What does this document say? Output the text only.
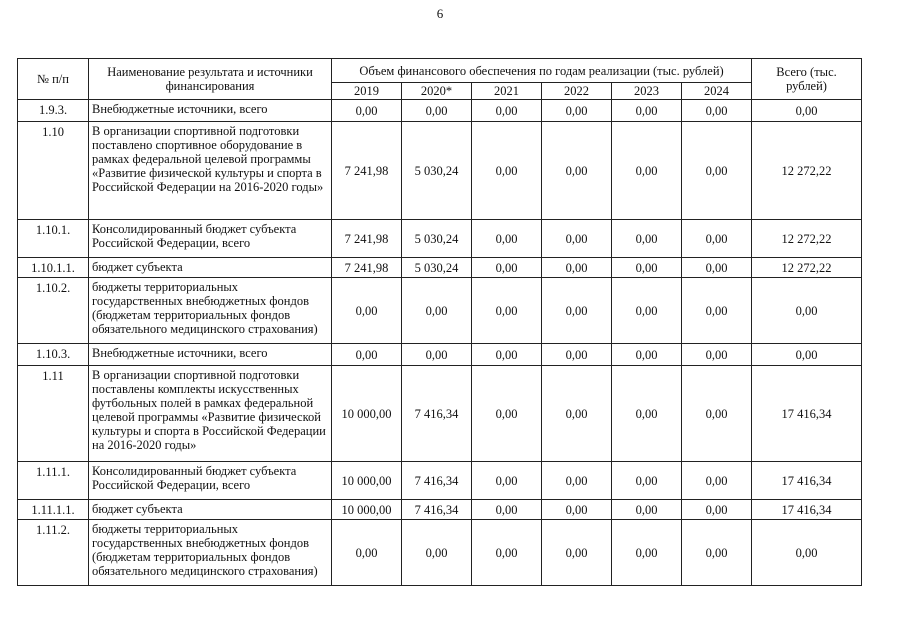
6
№ п/п	Наименование результата и источники финансирования	Объем финансового обеспечения по годам реализации (тыс. рублей)						Всего (тыс. рублей)
		2019	2020*	2021	2022	2023	2024	
1.9.3.	Внебюджетные источники, всего	0,00	0,00	0,00	0,00	0,00	0,00	0,00
1.10	В организации спортивной подготовки поставлено спортивное оборудование в рамках федеральной целевой программы «Развитие физической культуры и спорта в Российской Федерации на 2016-2020 годы»	7 241,98	5 030,24	0,00	0,00	0,00	0,00	12 272,22
1.10.1.	Консолидированный бюджет субъекта Российской Федерации, всего	7 241,98	5 030,24	0,00	0,00	0,00	0,00	12 272,22
1.10.1.1.	бюджет субъекта	7 241,98	5 030,24	0,00	0,00	0,00	0,00	12 272,22
1.10.2.	бюджеты территориальных государственных внебюджетных фондов (бюджетам территориальных фондов обязательного медицинского страхования)	0,00	0,00	0,00	0,00	0,00	0,00	0,00
1.10.3.	Внебюджетные источники, всего	0,00	0,00	0,00	0,00	0,00	0,00	0,00
1.11	В организации спортивной подготовки поставлены комплекты искусственных футбольных полей в рамках федеральной целевой программы «Развитие физической культуры и спорта в Российской Федерации на 2016-2020 годы»	10 000,00	7 416,34	0,00	0,00	0,00	0,00	17 416,34
1.11.1.	Консолидированный бюджет субъекта Российской Федерации, всего	10 000,00	7 416,34	0,00	0,00	0,00	0,00	17 416,34
1.11.1.1.	бюджет субъекта	10 000,00	7 416,34	0,00	0,00	0,00	0,00	17 416,34
1.11.2.	бюджеты территориальных государственных внебюджетных фондов (бюджетам территориальных фондов обязательного медицинского страхования)	0,00	0,00	0,00	0,00	0,00	0,00	0,00
